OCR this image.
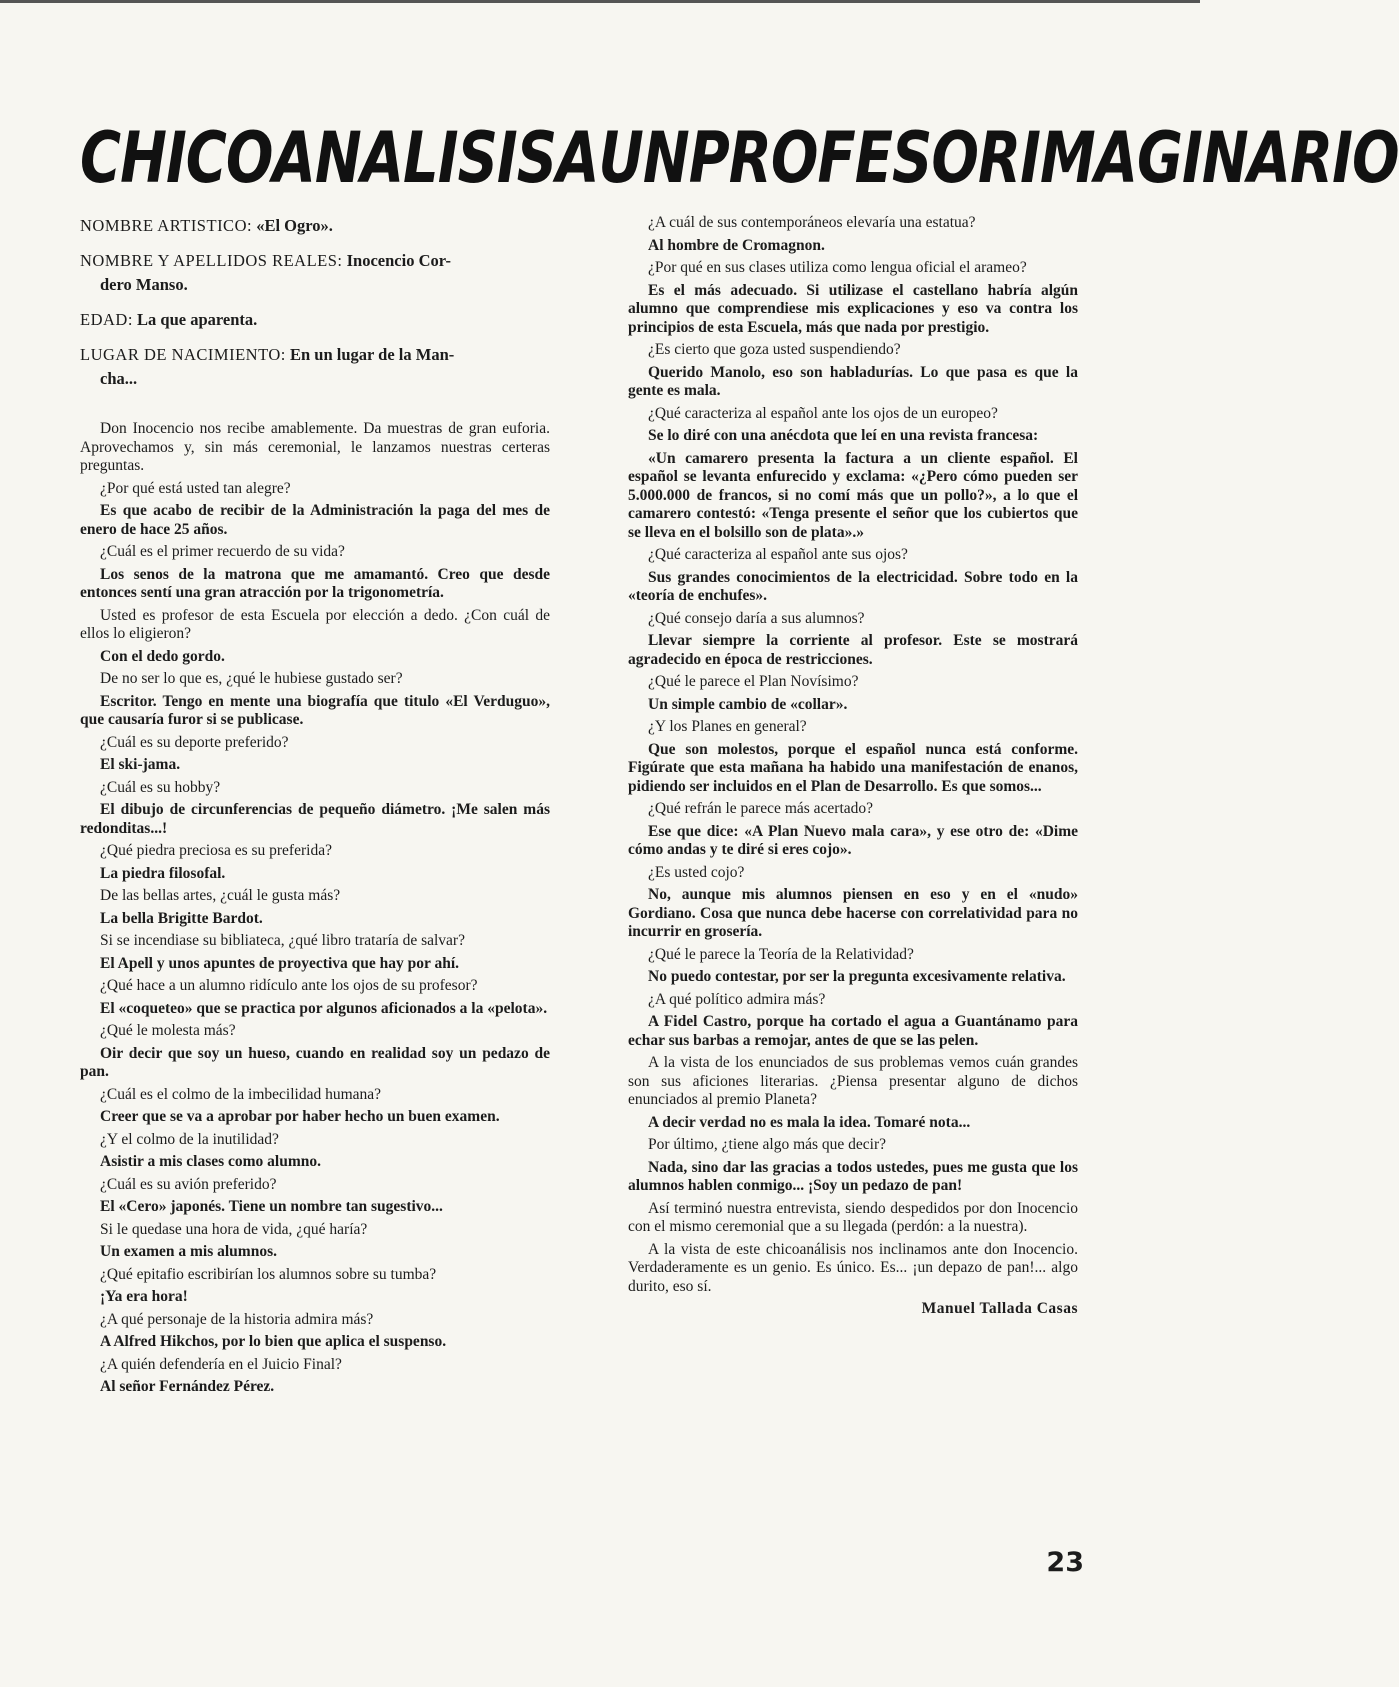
CHICOANALISIS A UN PROFESOR IMAGINARIO

NOMBRE ARTISTICO: «El Ogro».

NOMBRE Y APELLIDOS REALES: Inocencio Cor-
dero Manso.

EDAD: La que aparenta.

LUGAR DE NACIMIENTO: En un lugar de la Man-
cha...

Don Inocencio nos recibe amablemente. Da muestras de gran euforia. Aprovechamos y, sin más ceremonial, le lanzamos nuestras certeras preguntas.

¿Por qué está usted tan alegre?

Es que acabo de recibir de la Administración la paga del mes de enero de hace 25 años.

¿Cuál es el primer recuerdo de su vida?

Los senos de la matrona que me amamantó. Creo que desde entonces sentí una gran atracción por la trigonometría.

Usted es profesor de esta Escuela por elección a dedo. ¿Con cuál de ellos lo eligieron?

Con el dedo gordo.

De no ser lo que es, ¿qué le hubiese gustado ser?

Escritor. Tengo en mente una biografía que titulo «El Verduguo», que causaría furor si se publicase.

¿Cuál es su deporte preferido?

El ski-jama.

¿Cuál es su hobby?

El dibujo de circunferencias de pequeño diámetro. ¡Me salen más redonditas...!

¿Qué piedra preciosa es su preferida?

La piedra filosofal.

De las bellas artes, ¿cuál le gusta más?

La bella Brigitte Bardot.

Si se incendiase su bibliateca, ¿qué libro trataría de salvar?

El Apell y unos apuntes de proyectiva que hay por ahí.

¿Qué hace a un alumno ridículo ante los ojos de su profesor?

El «coqueteo» que se practica por algunos aficionados a la «pelota».

¿Qué le molesta más?

Oir decir que soy un hueso, cuando en realidad soy un pedazo de pan.

¿Cuál es el colmo de la imbecilidad humana?

Creer que se va a aprobar por haber hecho un buen examen.

¿Y el colmo de la inutilidad?

Asistir a mis clases como alumno.

¿Cuál es su avión preferido?

El «Cero» japonés. Tiene un nombre tan sugestivo...

Si le quedase una hora de vida, ¿qué haría?

Un examen a mis alumnos.

¿Qué epitafio escribirían los alumnos sobre su tumba?

¡Ya era hora!

¿A qué personaje de la historia admira más?

A Alfred Hikchos, por lo bien que aplica el suspenso.

¿A quién defendería en el Juicio Final?

Al señor Fernández Pérez.

¿A cuál de sus contemporáneos elevaría una estatua?

Al hombre de Cromagnon.

¿Por qué en sus clases utiliza como lengua oficial el arameo?

Es el más adecuado. Si utilizase el castellano habría algún alumno que comprendiese mis explicaciones y eso va contra los principios de esta Escuela, más que nada por prestigio.

¿Es cierto que goza usted suspendiendo?

Querido Manolo, eso son habladurías. Lo que pasa es que la gente es mala.

¿Qué caracteriza al español ante los ojos de un europeo?

Se lo diré con una anécdota que leí en una revista francesa:

«Un camarero presenta la factura a un cliente español. El español se levanta enfurecido y exclama: «¿Pero cómo pueden ser 5.000.000 de francos, si no comí más que un pollo?», a lo que el camarero contestó: «Tenga presente el señor que los cubiertos que se lleva en el bolsillo son de plata».»

¿Qué caracteriza al español ante sus ojos?

Sus grandes conocimientos de la electricidad. Sobre todo en la «teoría de enchufes».

¿Qué consejo daría a sus alumnos?

Llevar siempre la corriente al profesor. Este se mostrará agradecido en época de restricciones.

¿Qué le parece el Plan Novísimo?

Un simple cambio de «collar».

¿Y los Planes en general?

Que son molestos, porque el español nunca está conforme. Figúrate que esta mañana ha habido una manifestación de enanos, pidiendo ser incluidos en el Plan de Desarrollo. Es que somos...

¿Qué refrán le parece más acertado?

Ese que dice: «A Plan Nuevo mala cara», y ese otro de: «Dime cómo andas y te diré si eres cojo».

¿Es usted cojo?

No, aunque mis alumnos piensen en eso y en el «nudo» Gordiano. Cosa que nunca debe hacerse con correlatividad para no incurrir en grosería.

¿Qué le parece la Teoría de la Relatividad?

No puedo contestar, por ser la pregunta excesivamente relativa.

¿A qué político admira más?

A Fidel Castro, porque ha cortado el agua a Guantánamo para echar sus barbas a remojar, antes de que se las pelen.

A la vista de los enunciados de sus problemas vemos cuán grandes son sus aficiones literarias. ¿Piensa presentar alguno de dichos enunciados al premio Planeta?

A decir verdad no es mala la idea. Tomaré nota...

Por último, ¿tiene algo más que decir?

Nada, sino dar las gracias a todos ustedes, pues me gusta que los alumnos hablen conmigo... ¡Soy un pedazo de pan!

Así terminó nuestra entrevista, siendo despedidos por don Inocencio con el mismo ceremonial que a su llegada (perdón: a la nuestra).

A la vista de este chicoanálisis nos inclinamos ante don Inocencio. Verdaderamente es un genio. Es único. Es... ¡un depazo de pan!... algo durito, eso sí.

Manuel Tallada Casas
23
